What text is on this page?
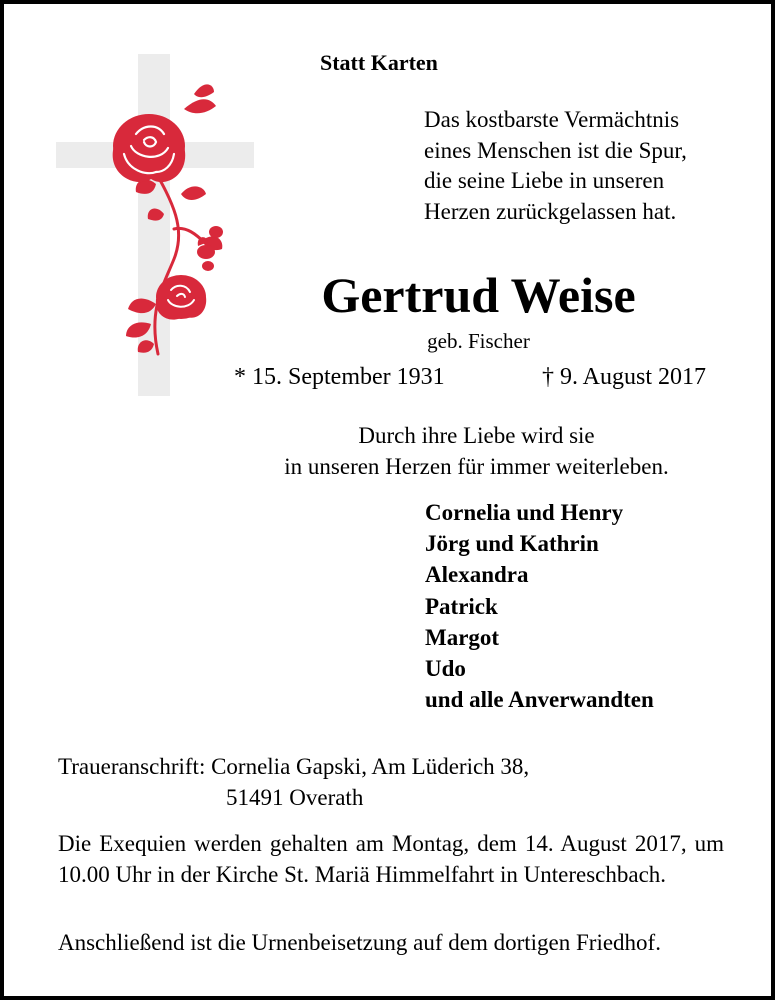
Statt Karten
Das kostbarste Vermächtnis
eines Menschen ist die Spur,
die seine Liebe in unseren
Herzen zurückgelassen hat.
Gertrud Weise
geb. Fischer
* 15. September 1931	† 9. August 2017
Durch ihre Liebe wird sie
in unseren Herzen für immer weiterleben.
Cornelia und Henry
Jörg und Kathrin
Alexandra
Patrick
Margot
Udo
und alle Anverwandten
Traueranschrift: Cornelia Gapski, Am Lüderich 38,
51491 Overath
Die Exequien werden gehalten am Montag, dem 14. August 2017, um 10.00 Uhr in der Kirche St. Mariä Himmelfahrt in Untereschbach.
Anschließend ist die Urnenbeisetzung auf dem dortigen Friedhof.
